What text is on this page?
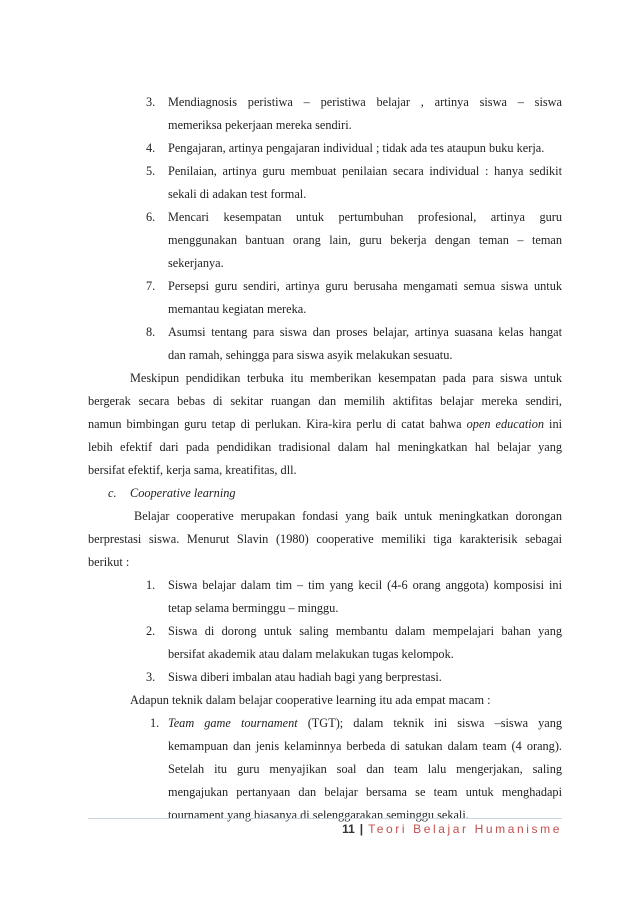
3. Mendiagnosis peristiwa – peristiwa belajar , artinya siswa – siswa
memeriksa pekerjaan mereka sendiri.
4. Pengajaran, artinya pengajaran individual ; tidak ada tes ataupun buku kerja.
5. Penilaian, artinya guru membuat penilaian secara individual : hanya sedikit
sekali di adakan test formal.
6. Mencari kesempatan untuk pertumbuhan profesional, artinya guru
menggunakan bantuan orang lain, guru bekerja dengan teman – teman
sekerjanya.
7. Persepsi guru sendiri, artinya guru berusaha mengamati semua siswa untuk
memantau kegiatan mereka.
8. Asumsi tentang para siswa dan proses belajar, artinya suasana kelas hangat
dan ramah, sehingga para siswa asyik melakukan sesuatu.
Meskipun pendidikan terbuka itu memberikan kesempatan pada para siswa untuk
bergerak secara bebas di sekitar ruangan dan memilih aktifitas belajar mereka sendiri,
namun bimbingan guru tetap di perlukan. Kira-kira perlu di catat bahwa open education ini
lebih efektif dari pada pendidikan tradisional dalam hal meningkatkan hal belajar yang
bersifat efektif, kerja sama, kreatifitas, dll.
c. Cooperative learning
Belajar cooperative merupakan fondasi yang baik untuk meningkatkan dorongan
berprestasi siswa. Menurut Slavin (1980) cooperative memiliki tiga karakterisik sebagai
berikut :
1. Siswa belajar dalam tim – tim yang kecil (4-6 orang anggota) komposisi ini
tetap selama berminggu – minggu.
2. Siswa di dorong untuk saling membantu dalam mempelajari bahan yang
bersifat akademik atau dalam melakukan tugas kelompok.
3. Siswa diberi imbalan atau hadiah bagi yang berprestasi.
Adapun teknik dalam belajar cooperative learning itu ada empat macam :
1. Team game tournament (TGT); dalam teknik ini siswa –siswa yang
kemampuan dan jenis kelaminnya berbeda di satukan dalam team (4 orang).
Setelah itu guru menyajikan soal dan team lalu mengerjakan, saling
mengajukan pertanyaan dan belajar bersama se team untuk menghadapi
tournament yang biasanya di selenggarakan seminggu sekali.
11 | Teori Belajar Humanisme
